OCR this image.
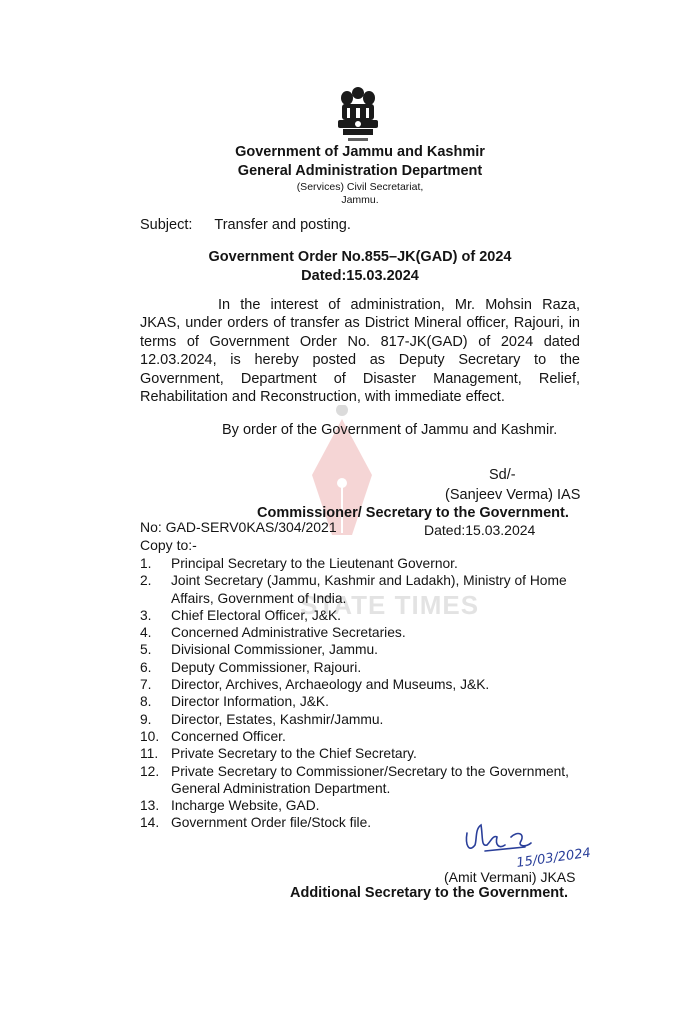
STATE TIMES
Government of Jammu and Kashmir
General Administration Department
(Services) Civil Secretariat,
Jammu.
Subject: Transfer and posting.
Government Order No.855–JK(GAD) of 2024
Dated:15.03.2024
In the interest of administration, Mr. Mohsin Raza, JKAS, under orders of transfer as District Mineral officer, Rajouri, in terms of Government Order No. 817-JK(GAD) of 2024 dated 12.03.2024, is hereby posted as Deputy Secretary to the Government, Department of Disaster Management, Relief, Rehabilitation and Reconstruction, with immediate effect.
By order of the Government of Jammu and Kashmir.
Sd/-
(Sanjeev Verma) IAS
Commissioner/ Secretary to the Government.
No: GAD-SERV0KAS/304/2021	Dated:15.03.2024
Copy to:-
1.	Principal Secretary to the Lieutenant Governor.
2.	Joint Secretary (Jammu, Kashmir and Ladakh), Ministry of Home Affairs, Government of India.
3.	Chief Electoral Officer, J&K.
4.	Concerned Administrative Secretaries.
5.	Divisional Commissioner, Jammu.
6.	Deputy Commissioner, Rajouri.
7.	Director, Archives, Archaeology and Museums, J&K.
8.	Director Information, J&K.
9.	Director, Estates, Kashmir/Jammu.
10. Concerned Officer.
11. Private Secretary to the Chief Secretary.
12. Private Secretary to Commissioner/Secretary to the Government, General Administration Department.
13. Incharge Website, GAD.
14. Government Order file/Stock file.
15/03/2024
(Amit Vermani) JKAS
Additional Secretary to the Government.
